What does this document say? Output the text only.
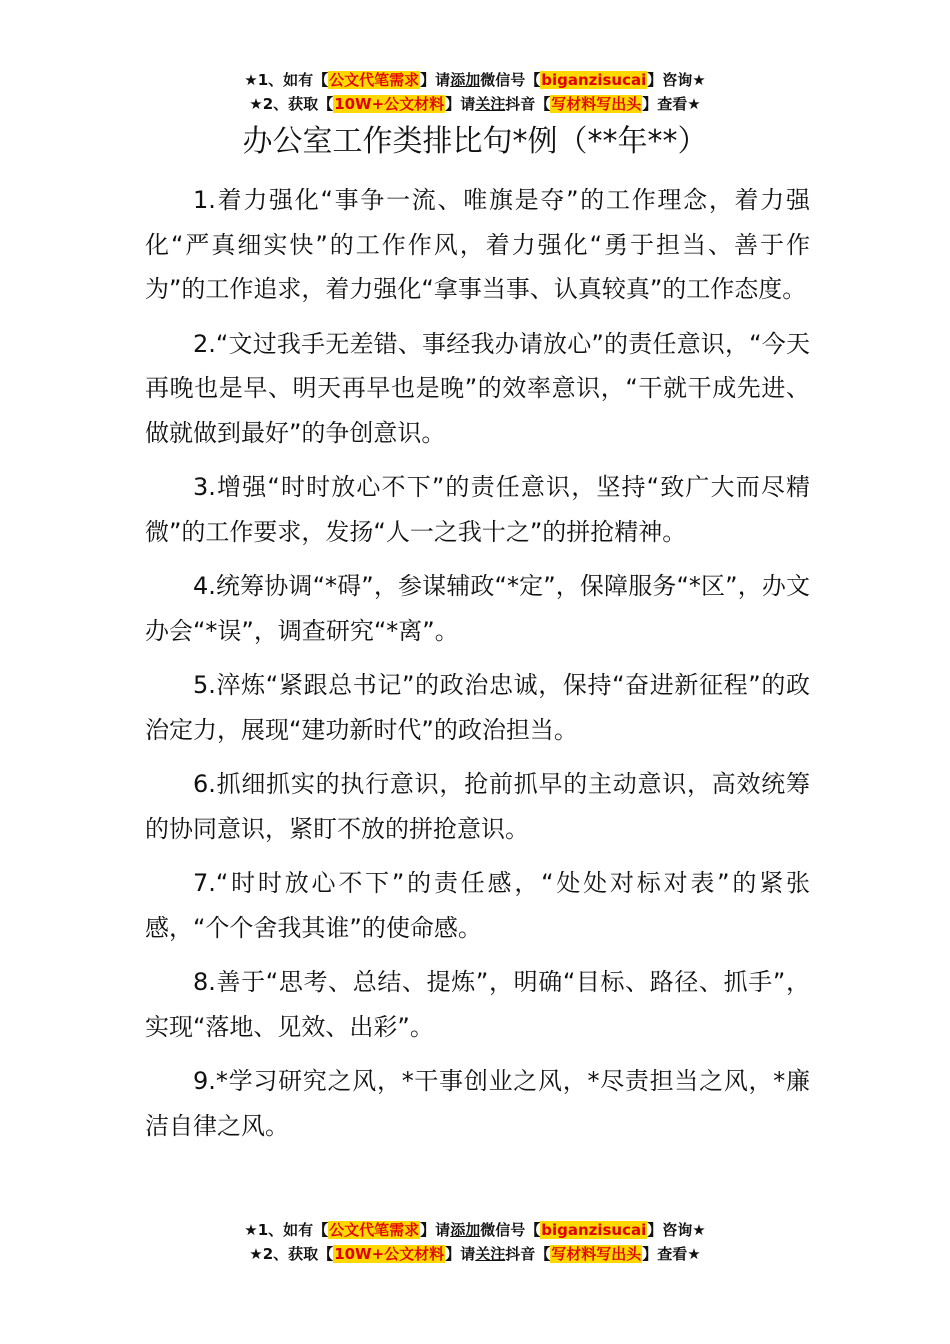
★1、如有【公文代笔需求】请添加微信号【biganzisucai】咨询★
★2、获取【10W+公文材料】请关注抖音【写材料写出头】查看★
办公室工作类排比句*例（**年**）

1.着力强化“事争一流、唯旗是夺”的工作理念，着力强化“严真细实快”的工作作风，着力强化“勇于担当、善于作为”的工作追求，着力强化“拿事当事、认真较真”的工作态度。

2.“文过我手无差错、事经我办请放心”的责任意识，“今天再晚也是早、明天再早也是晚”的效率意识，“干就干成先进、做就做到最好”的争创意识。

3.增强“时时放心不下”的责任意识，坚持“致广大而尽精微”的工作要求，发扬“人一之我十之”的拼抢精神。

4.统筹协调“*碍”，参谋辅政“*定”，保障服务“*区”，办文办会“*误”，调查研究“*离”。

5.淬炼“紧跟总书记”的政治忠诚，保持“奋进新征程”的政治定力，展现“建功新时代”的政治担当。

6.抓细抓实的执行意识，抢前抓早的主动意识，高效统筹的协同意识，紧盯不放的拼抢意识。

7.“时时放心不下”的责任感，“处处对标对表”的紧张感，“个个舍我其谁”的使命感。

8.善于“思考、总结、提炼”，明确“目标、路径、抓手”，实现“落地、见效、出彩”。

9.*学习研究之风，*干事创业之风，*尽责担当之风，*廉洁自律之风。

★1、如有【公文代笔需求】请添加微信号【biganzisucai】咨询★
★2、获取【10W+公文材料】请关注抖音【写材料写出头】查看★
